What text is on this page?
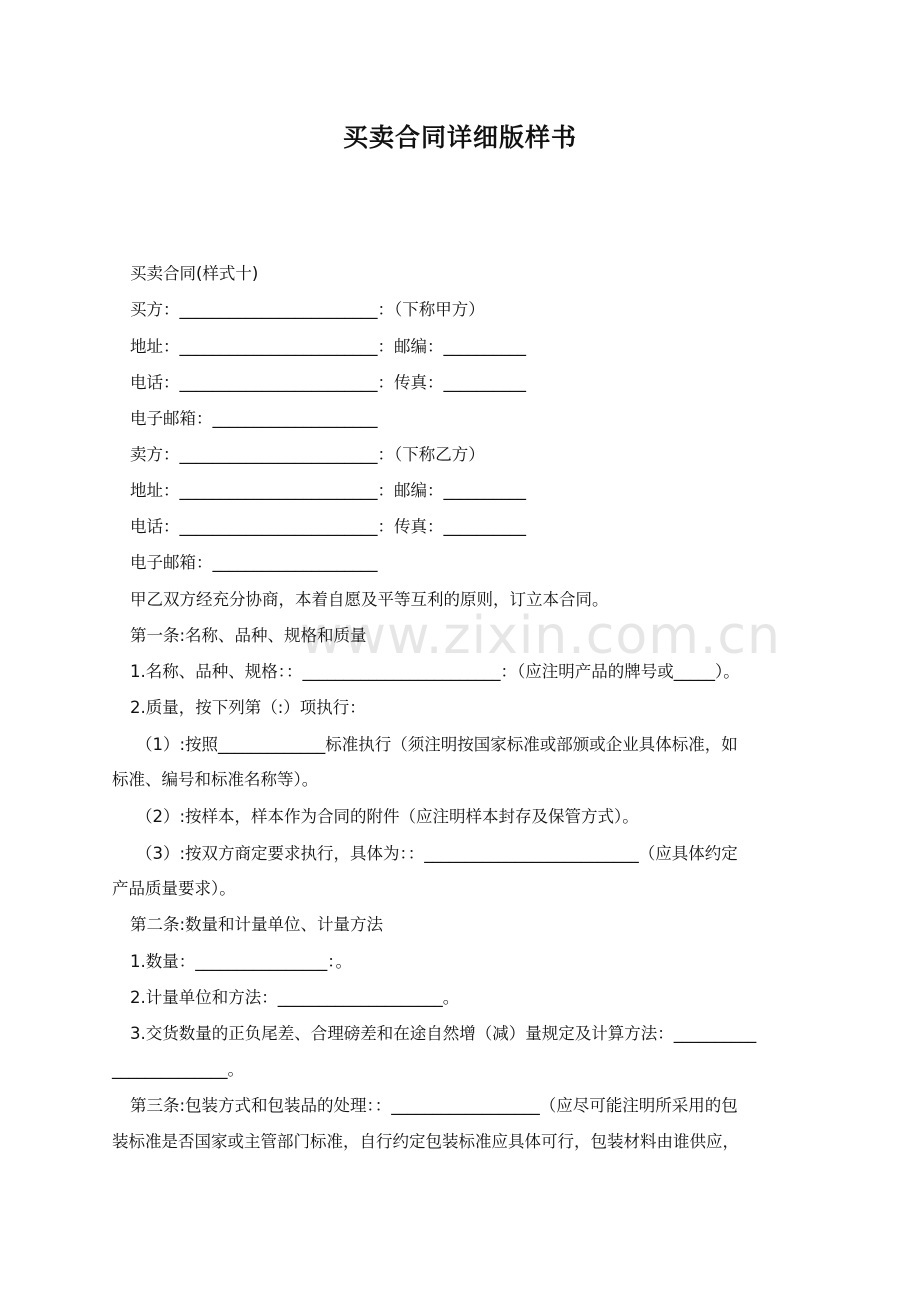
www.zixin.com.cn
买卖合同详细版样书
买卖合同(样式十)
买方：________________________：（下称甲方）
地址：________________________：邮编：__________
电话：________________________：传真：__________
电子邮箱：____________________
卖方：________________________：（下称乙方）
地址：________________________：邮编：__________
电话：________________________：传真：__________
电子邮箱：____________________
甲乙双方经充分协商，本着自愿及平等互利的原则，订立本合同。
第一条:名称、品种、规格和质量
1.名称、品种、规格：：________________________：（应注明产品的牌号或_____）。
2.质量，按下列第（:）项执行：
（1）:按照_____________标准执行（须注明按国家标准或部颁或企业具体标准，如
标准、编号和标准名称等）。
（2）:按样本，样本作为合同的附件（应注明样本封存及保管方式）。
（3）:按双方商定要求执行，具体为：：__________________________（应具体约定
产品质量要求）。
第二条:数量和计量单位、计量方法
1.数量：________________：。
2.计量单位和方法：____________________。
3.交货数量的正负尾差、合理磅差和在途自然增（减）量规定及计算方法：__________
______________。
第三条:包装方式和包装品的处理：：__________________（应尽可能注明所采用的包
装标准是否国家或主管部门标准，自行约定包装标准应具体可行，包装材料由谁供应，
